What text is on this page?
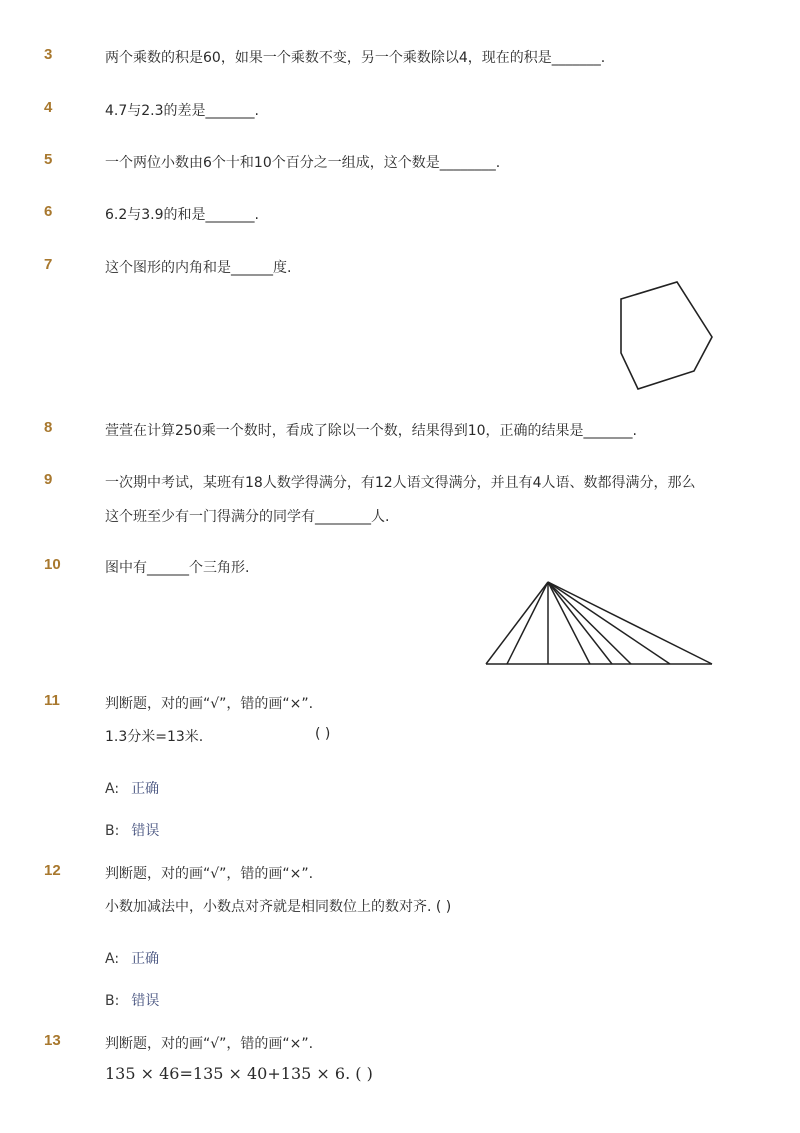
3	两个乘数的积是60，如果一个乘数不变，另一个乘数除以4，现在的积是_______.
4	4.7与2.3的差是_______.
5	一个两位小数由6个十和10个百分之一组成，这个数是________.
6	6.2与3.9的和是_______.
7	这个图形的内角和是______度.
8	萱萱在计算250乘一个数时，看成了除以一个数，结果得到10，正确的结果是_______.
9	一次期中考试，某班有18人数学得满分，有12人语文得满分，并且有4人语、数都得满分，那么
这个班至少有一门得满分的同学有________人.
10	图中有______个三角形.
11	判断题，对的画“√”，错的画“×”.
1.3分米=13米.	( )
A: 正确
B: 错误
12	判断题，对的画“√”，错的画“×”.
小数加减法中，小数点对齐就是相同数位上的数对齐. ( )
A: 正确
B: 错误
13	判断题，对的画“√”，错的画“×”.
135 × 46=135 × 40+135 × 6. ( )
